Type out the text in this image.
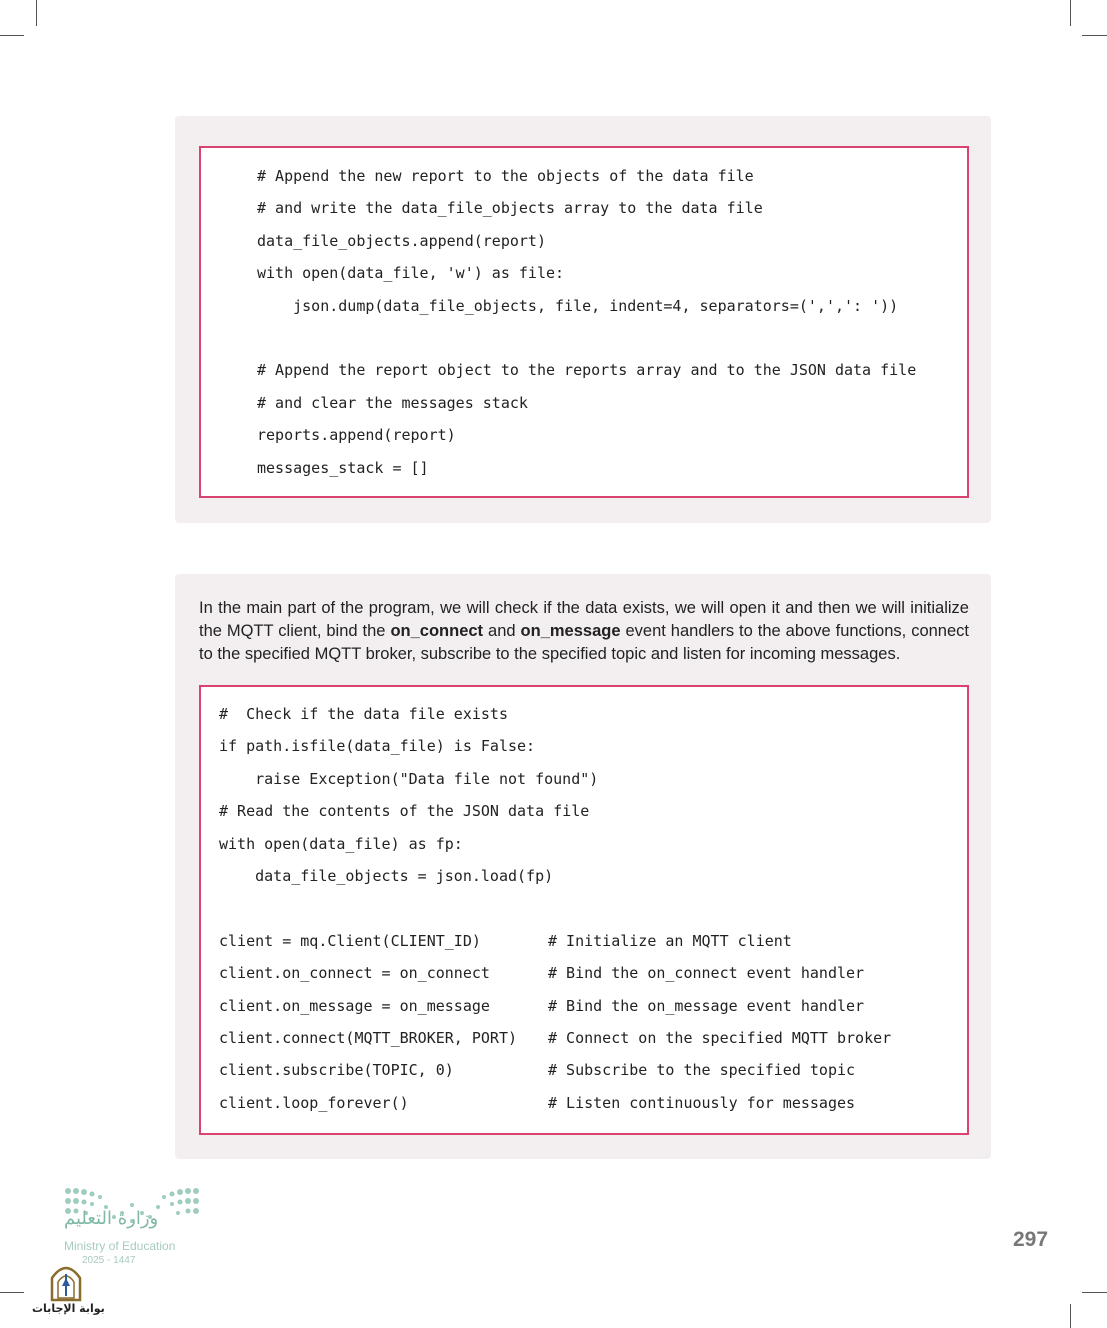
# Append the new report to the objects of the data file
# and write the data_file_objects array to the data file
data_file_objects.append(report)
with open(data_file, 'w') as file:
json.dump(data_file_objects, file, indent=4, separators=(',',': '))
# Append the report object to the reports array and to the JSON data file
# and clear the messages stack
reports.append(report)
messages_stack = []
In the main part of the program, we will check if the data exists, we will open it and then we will initialize the MQTT client, bind the on_connect and on_message event handlers to the above functions, connect to the specified MQTT broker, subscribe to the specified topic and listen for incoming messages.
#  Check if the data file exists
if path.isfile(data_file) is False:
raise Exception("Data file not found")
# Read the contents of the JSON data file
with open(data_file) as fp:
data_file_objects = json.load(fp)
client = mq.Client(CLIENT_ID)
client.on_connect = on_connect
client.on_message = on_message
client.connect(MQTT_BROKER, PORT)
client.subscribe(TOPIC, 0)
client.loop_forever()
# Initialize an MQTT client
# Bind the on_connect event handler
# Bind the on_message event handler
# Connect on the specified MQTT broker
# Subscribe to the specified topic
# Listen continuously for messages
وزارة التعليم
Ministry of Education
2025 - 1447
بوابة الإجابات
297
